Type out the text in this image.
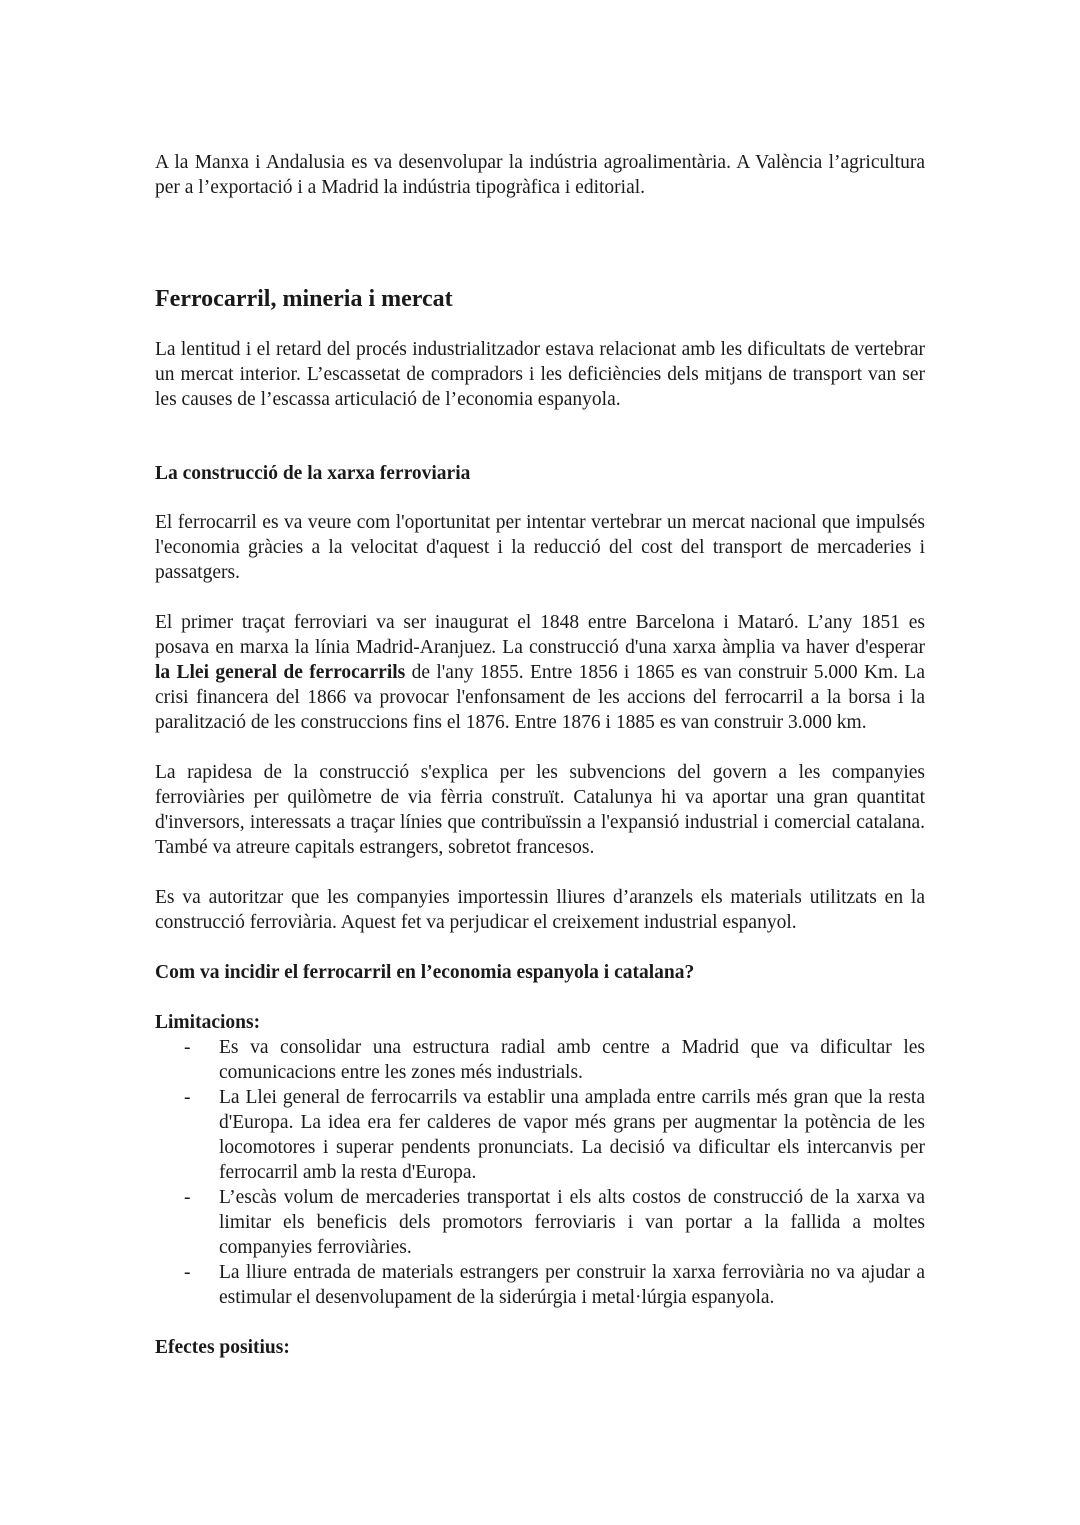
A la Manxa i Andalusia es va desenvolupar la indústria agroalimentària. A València l’agricultura per a l’exportació i a Madrid la indústria tipogràfica i editorial.

Ferrocarril, mineria i mercat

La lentitud i el retard del procés industrialitzador estava relacionat amb les dificultats de vertebrar un mercat interior. L’escassetat de compradors i les deficiències dels mitjans de transport van ser les causes de l’escassa articulació de l’economia espanyola.

La construcció de la xarxa ferroviaria

El ferrocarril es va veure com l'oportunitat per intentar vertebrar un mercat nacional que impulsés l'economia gràcies a la velocitat d'aquest i la reducció del cost del transport de mercaderies i passatgers.

El primer traçat ferroviari va ser inaugurat el 1848 entre Barcelona i Mataró. L’any 1851 es posava en marxa la línia Madrid-Aranjuez. La construcció d'una xarxa àmplia va haver d'esperar la Llei general de ferrocarrils de l'any 1855. Entre 1856 i 1865 es van construir 5.000 Km. La crisi financera del 1866 va provocar l'enfonsament de les accions del ferrocarril a la borsa i la paralització de les construccions fins el 1876. Entre 1876 i 1885 es van construir 3.000 km.

La rapidesa de la construcció s'explica per les subvencions del govern a les companyies ferroviàries per quilòmetre de via fèrria construït. Catalunya hi va aportar una gran quantitat d'inversors, interessats a traçar línies que contribuïssin a l'expansió industrial i comercial catalana. També va atreure capitals estrangers, sobretot francesos.

Es va autoritzar que les companyies importessin lliures d’aranzels els materials utilitzats en la construcció ferroviària. Aquest fet va perjudicar el creixement industrial espanyol.

Com va incidir el ferrocarril en l’economia espanyola i catalana?
Limitacions:
- Es va consolidar una estructura radial amb centre a Madrid que va dificultar les comunicacions entre les zones més industrials.
- La Llei general de ferrocarrils va establir una amplada entre carrils més gran que la resta d'Europa. La idea era fer calderes de vapor més grans per augmentar la potència de les locomotores i superar pendents pronunciats. La decisió va dificultar els intercanvis per ferrocarril amb la resta d'Europa.
- L’escàs volum de mercaderies transportat i els alts costos de construcció de la xarxa va limitar els beneficis dels promotors ferroviaris i van portar a la fallida a moltes companyies ferroviàries.
- La lliure entrada de materials estrangers per construir la xarxa ferroviària no va ajudar a estimular el desenvolupament de la siderúrgia i metal·lúrgia espanyola.
Efectes positius:
